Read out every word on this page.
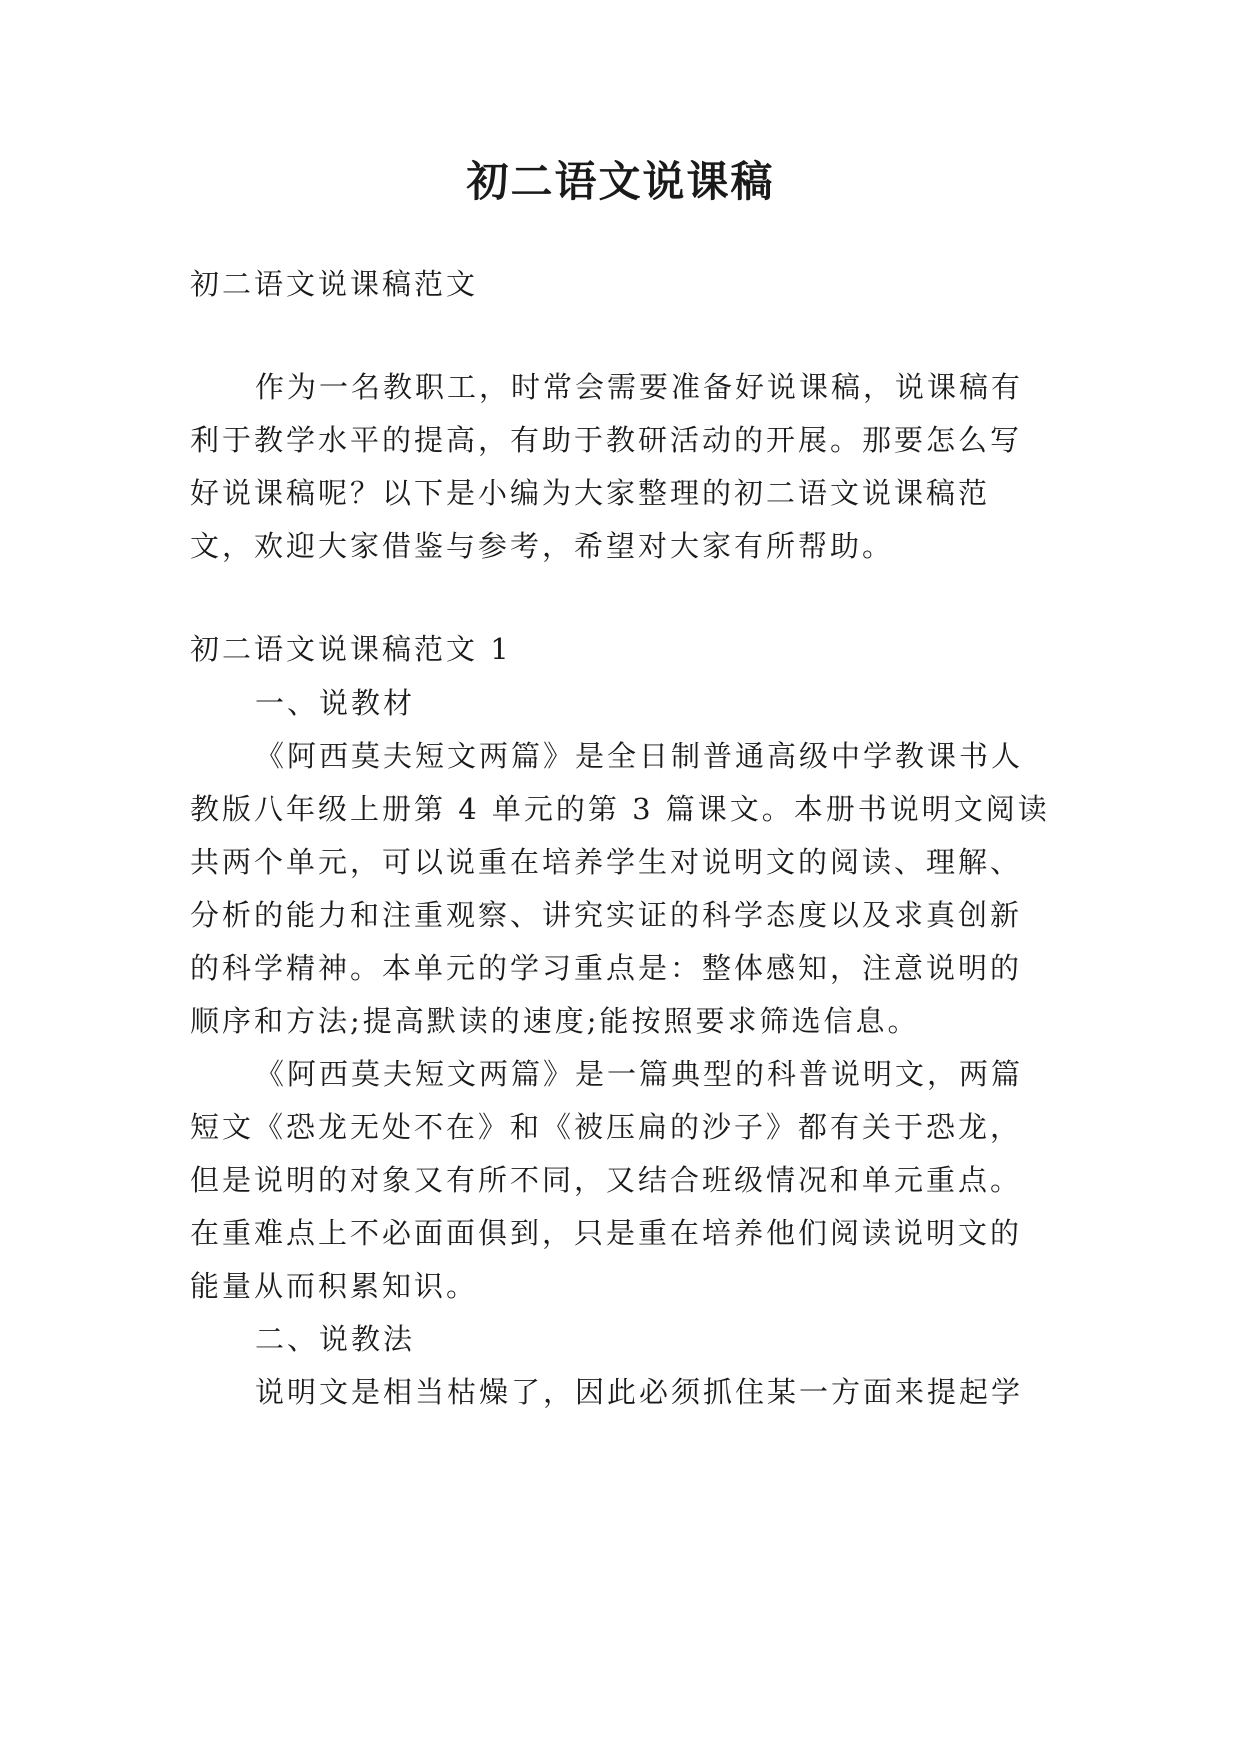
初二语文说课稿

初二语文说课稿范文

作为一名教职工，时常会需要准备好说课稿，说课稿有

利于教学水平的提高，有助于教研活动的开展。那要怎么写

好说课稿呢？以下是小编为大家整理的初二语文说课稿范

文，欢迎大家借鉴与参考，希望对大家有所帮助。

初二语文说课稿范文 1

一、说教材

《阿西莫夫短文两篇》是全日制普通高级中学教课书人

教版八年级上册第 4 单元的第 3 篇课文。本册书说明文阅读

共两个单元，可以说重在培养学生对说明文的阅读、理解、

分析的能力和注重观察、讲究实证的科学态度以及求真创新

的科学精神。本单元的学习重点是：整体感知，注意说明的

顺序和方法;提高默读的速度;能按照要求筛选信息。

《阿西莫夫短文两篇》是一篇典型的科普说明文，两篇

短文《恐龙无处不在》和《被压扁的沙子》都有关于恐龙，

但是说明的对象又有所不同，又结合班级情况和单元重点。

在重难点上不必面面俱到，只是重在培养他们阅读说明文的

能量从而积累知识。

二、说教法

说明文是相当枯燥了，因此必须抓住某一方面来提起学
